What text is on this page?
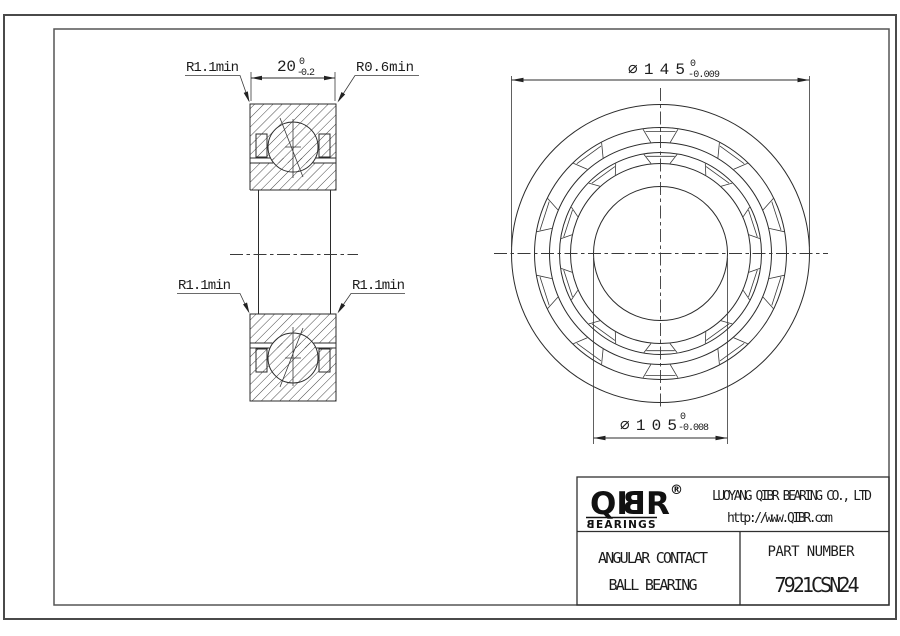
20 0
-0.2
R1.1min	R0.6min
R1.1min	R1.1min
⌀145 0
-0.009
⌀105 0
-0.008
QI
B R ®
B EARINGS
LUOYANG QIBR BEARING CO., LTD
http://www.QIBR.com
ANGULAR CONTACT
BALL BEARING
PART NUMBER
7921CSN24
